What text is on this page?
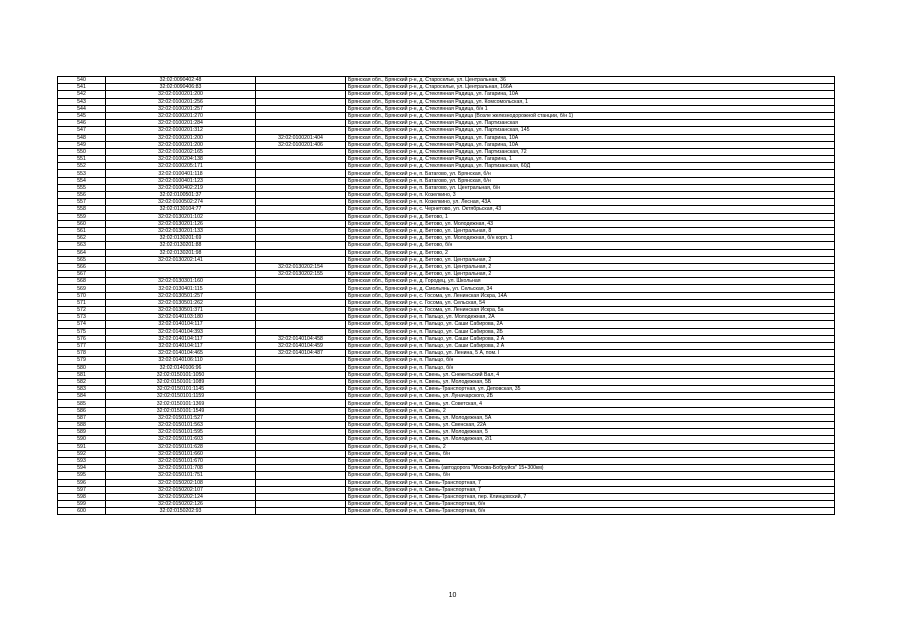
540	32:02:0090402:48		Брянская обл., Брянский р-н, д. Староселье, ул. Центральная, 36
541	32:02:0090406:83		Брянская обл., Брянский р-н, д. Староселье, ул. Центральная, 166А
542	32:02:0100201:200		Брянская обл., Брянский р-н, д. Стеклянная Радица, ул. Гагарина, 10А
543	32:02:0100201:256		Брянская обл., Брянский р-н, д. Стеклянная Радица, ул. Комсомольская, 1
544	32:02:0100201:257		Брянская обл., Брянский р-н, д. Стеклянная Радица, б/н 1
545	32:02:0100201:270		Брянская обл., Брянский р-н, д. Стеклянная Радица (Возле железнодорожной станции, б/н 1)
546	32:02:0100201:284		Брянская обл., Брянский р-н, д. Стеклянная Радица, ул. Партизанская
547	32:02:0100201:312		Брянская обл., Брянский р-н, д. Стеклянная Радица, ул. Партизанская, 145
548	32:02:0100201:200	32:02:0100201:404	Брянская обл., Брянский р-н, д. Стеклянная Радица, ул. Гагарина, 10А
549	32:02:0100201:200	32:02:0100201:406	Брянская обл., Брянский р-н, д. Стеклянная Радица, ул. Гагарина, 10А
550	32:02:0100202:165		Брянская обл., Брянский р-н, д. Стеклянная Радица, ул. Партизанская, 72
551	32:02:0100204:138		Брянская обл., Брянский р-н, д. Стеклянная Радица, ул. Гагарина, 1
552	32:02:0100205:171		Брянская обл., Брянский р-н, д. Стеклянная Радица, ул. Партизанская, 60Д
553	32:02:0100401:118		Брянская обл., Брянский р-н, п. Батагово, ул. Брянская, б/н
554	32:02:0100401:123		Брянская обл., Брянский р-н, п. Батагово, ул. Брянская, б/н
555	32:02:0100402:219		Брянская обл., Брянский р-н, п. Батагово, ул. Центральная, б/н
556	32:02:0100501:37		Брянская обл., Брянский р-н, п. Козелкино, 3
557	32:02:0100502:274		Брянская обл., Брянский р-н, п. Козелкино, ул. Лесная, 43А
558	32:02:0130104:77		Брянская обл., Брянский р-н, с. Чернетово, ул. Октябрьская, 43
559	32:02:0130201:102		Брянская обл., Брянский р-н, д. Бетово, 1
560	32:02:0130201:126		Брянская обл., Брянский р-н, д. Бетово, ул. Молодежная, 43
561	32:02:0130201:133		Брянская обл., Брянский р-н, д. Бетово, ул. Центральная, 8
562	32:02:0130201:69		Брянская обл., Брянский р-н, д. Бетово, ул. Молодежная, б/н корп. 1
563	32:02:0130201:88		Брянская обл., Брянский р-н, д. Бетово, б/н
564	32:02:0130201:98		Брянская обл., Брянский р-н, д. Бетово, 2
565	32:02:0130202:141		Брянская обл., Брянский р-н, д. Бетово, ул. Центральная, 2
566		32:02:0130202:154	Брянская обл., Брянский р-н, д. Бетово, ул. Центральная, 2
567		32:02:0130202:155	Брянская обл., Брянский р-н, д. Бетово, ул. Центральная, 2
568	32:02:0130301:160		Брянская обл., Брянский р-н, д. Городец, ул. Школьная
569	32:02:0130401:115		Брянская обл., Брянский р-н, д. Смольянь, ул. Сельская, 34
570	32:02:0130501:257		Брянская обл., Брянский р-н, с. Госома, ул. Ленинская Искра, 14А
571	32:02:0130501:262		Брянская обл., Брянский р-н, с. Госома, ул. Сельская, 54
572	32:02:0130501:371		Брянская обл., Брянский р-н, с. Госома, ул. Ленинская Искра, 5а
573	32:02:0140103:180		Брянская обл., Брянский р-н, п. Пальцо, ул. Молодежная, 2А
574	32:02:0140104:117		Брянская обл., Брянский р-н, п. Пальцо, ул. Саши Сабирова, 2А
575	32:02:0140104:393		Брянская обл., Брянский р-н, п. Пальцо, ул. Саши Сабирова, 2Б
576	32:02:0140104:117	32:02:0140104:458	Брянская обл., Брянский р-н, п. Пальцо, ул. Саши Сабирова, 2 А
577	32:02:0140104:117	32:02:0140104:459	Брянская обл., Брянский р-н, п. Пальцо, ул. Саши Сабирова, 2 А
578	32:02:0140104:465	32:02:0140104:487	Брянская обл., Брянский р-н, п. Пальцо, ул. Ленина, 5 А, пом. I
579	32:02:0140106:110		Брянская обл., Брянский р-н, п. Пальцо, б/н
580	32:02:0140106:96		Брянская обл., Брянский р-н, п. Пальцо, б/н
581	32:02:0150101:1050		Брянская обл., Брянский р-н, п. Свень, ул. Снежетьский Вал, 4
582	32:02:0150101:1089		Брянская обл., Брянский р-н, п. Свень, ул. Молодежная, 5Б
583	32:02:0150101:1145		Брянская обл., Брянский р-н, п. Свень-Транспортная, ул. Деповская, 35
584	32:02:0150101:1159		Брянская обл., Брянский р-н, п. Свень, ул. Луначарского, 2Б
585	32:02:0150101:1369		Брянская обл., Брянский р-н, п. Свень, ул. Советская, 4
586	32:02:0150101:1549		Брянская обл., Брянский р-н, п. Свень, 2
587	32:02:0150101:527		Брянская обл., Брянский р-н, п. Свень, ул. Молодежная, 5А
588	32:02:0150101:563		Брянская обл., Брянский р-н, п. Свень, ул. Свенская, 22А
589	32:02:0150101:595		Брянская обл., Брянский р-н, п. Свень, ул. Молодежная, 5
590	32:02:0150101:603		Брянская обл., Брянский р-н, п. Свень, ул. Молодежная, 2/1
591	32:02:0150101:628		Брянская обл., Брянский р-н, п. Свень, 2
592	32:02:0150101:660		Брянская обл., Брянский р-н, п. Свень, б/н
593	32:02:0150101:670		Брянская обл., Брянский р-н, п. Свень
594	32:02:0150101:708		Брянская обл., Брянский р-н, п. Свень (автодорога "Москва-Бобруйск" 15+300км)
595	32:02:0150101:751		Брянская обл., Брянский р-н, п. Свень, б/н
596	32:02:0150202:108		Брянская обл., Брянский р-н, п. Свень-Транспортная, 7
597	32:02:0150202:107		Брянская обл., Брянский р-н, п. Свень-Транспортная, 7
598	32:02:0150202:124		Брянская обл., Брянский р-н, п. Свень-Транспортная, пер. Клинцовский, 7
599	32:02:0150202:126		Брянская обл., Брянский р-н, п. Свень-Транспортная, б/н
600	32:02:0150202:93		Брянская обл., Брянский р-н, п. Свень-Транспортная, б/н
10
